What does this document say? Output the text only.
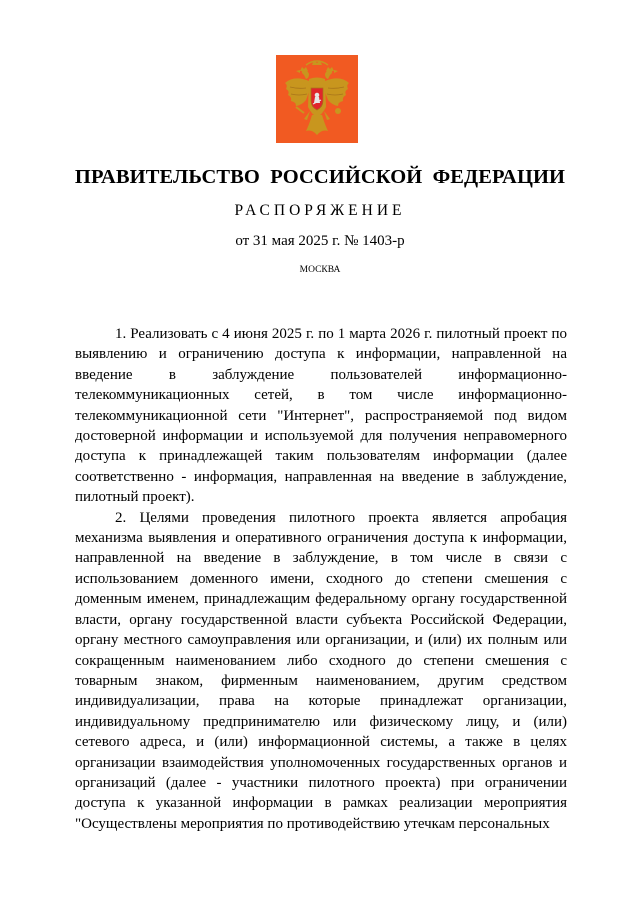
ПРАВИТЕЛЬСТВО РОССИЙСКОЙ ФЕДЕРАЦИИ
РАСПОРЯЖЕНИЕ
от 31 мая 2025 г. № 1403-р
МОСКВА

1. Реализовать с 4 июня 2025 г. по 1 марта 2026 г. пилотный проект по выявлению и ограничению доступа к информации, направленной на введение в заблуждение пользователей информационно-телекоммуникационных сетей, в том числе информационно-телекоммуникационной сети "Интернет", распространяемой под видом достоверной информации и используемой для получения неправомерного доступа к принадлежащей таким пользователям информации (далее соответственно - информация, направленная на введение в заблуждение, пилотный проект).

2. Целями проведения пилотного проекта является апробация механизма выявления и оперативного ограничения доступа к информации, направленной на введение в заблуждение, в том числе в связи с использованием доменного имени, сходного до степени смешения с доменным именем, принадлежащим федеральному органу государственной власти, органу государственной власти субъекта Российской Федерации, органу местного самоуправления или организации, и (или) их полным или сокращенным наименованием либо сходного до степени смешения с товарным знаком, фирменным наименованием, другим средством индивидуализации, права на которые принадлежат организации, индивидуальному предпринимателю или физическому лицу, и (или) сетевого адреса, и (или) информационной системы, а также в целях организации взаимодействия уполномоченных государственных органов и организаций (далее - участники пилотного проекта) при ограничении доступа к указанной информации в рамках реализации мероприятия "Осуществлены мероприятия по противодействию утечкам персональных
